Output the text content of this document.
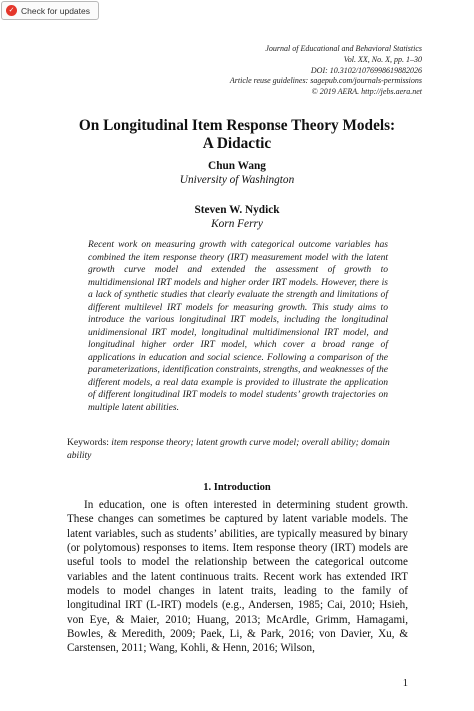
✓ Check for updates
Journal of Educational and Behavioral Statistics
Vol. XX, No. X, pp. 1–30
DOI: 10.3102/1076998619882026
Article reuse guidelines: sagepub.com/journals-permissions
© 2019 AERA. http://jebs.aera.net
On Longitudinal Item Response Theory Models:
A Didactic
Chun Wang
University of Washington
Steven W. Nydick
Korn Ferry
Recent work on measuring growth with categorical outcome variables has combined the item response theory (IRT) measurement model with the latent growth curve model and extended the assessment of growth to multidimensional IRT models and higher order IRT models. However, there is a lack of synthetic studies that clearly evaluate the strength and limitations of different multilevel IRT models for measuring growth. This study aims to introduce the various longitudinal IRT models, including the longitudinal unidimensional IRT model, longitudinal multidimensional IRT model, and longitudinal higher order IRT model, which cover a broad range of applications in education and social science. Following a comparison of the parameterizations, identification constraints, strengths, and weaknesses of the different models, a real data example is provided to illustrate the application of different longitudinal IRT models to model students’ growth trajectories on multiple latent abilities.
Keywords: item response theory; latent growth curve model; overall ability; domain ability
1. Introduction
In education, one is often interested in determining student growth. These changes can sometimes be captured by latent variable models. The latent variables, such as students’ abilities, are typically measured by binary (or polytomous) responses to items. Item response theory (IRT) models are useful tools to model the relationship between the categorical outcome variables and the latent continuous traits. Recent work has extended IRT models to model changes in latent traits, leading to the family of longitudinal IRT (L-IRT) models (e.g., Andersen, 1985; Cai, 2010; Hsieh, von Eye, & Maier, 2010; Huang, 2013; McArdle, Grimm, Hamagami, Bowles, & Meredith, 2009; Paek, Li, & Park, 2016; von Davier, Xu, & Carstensen, 2011; Wang, Kohli, & Henn, 2016; Wilson,
1
